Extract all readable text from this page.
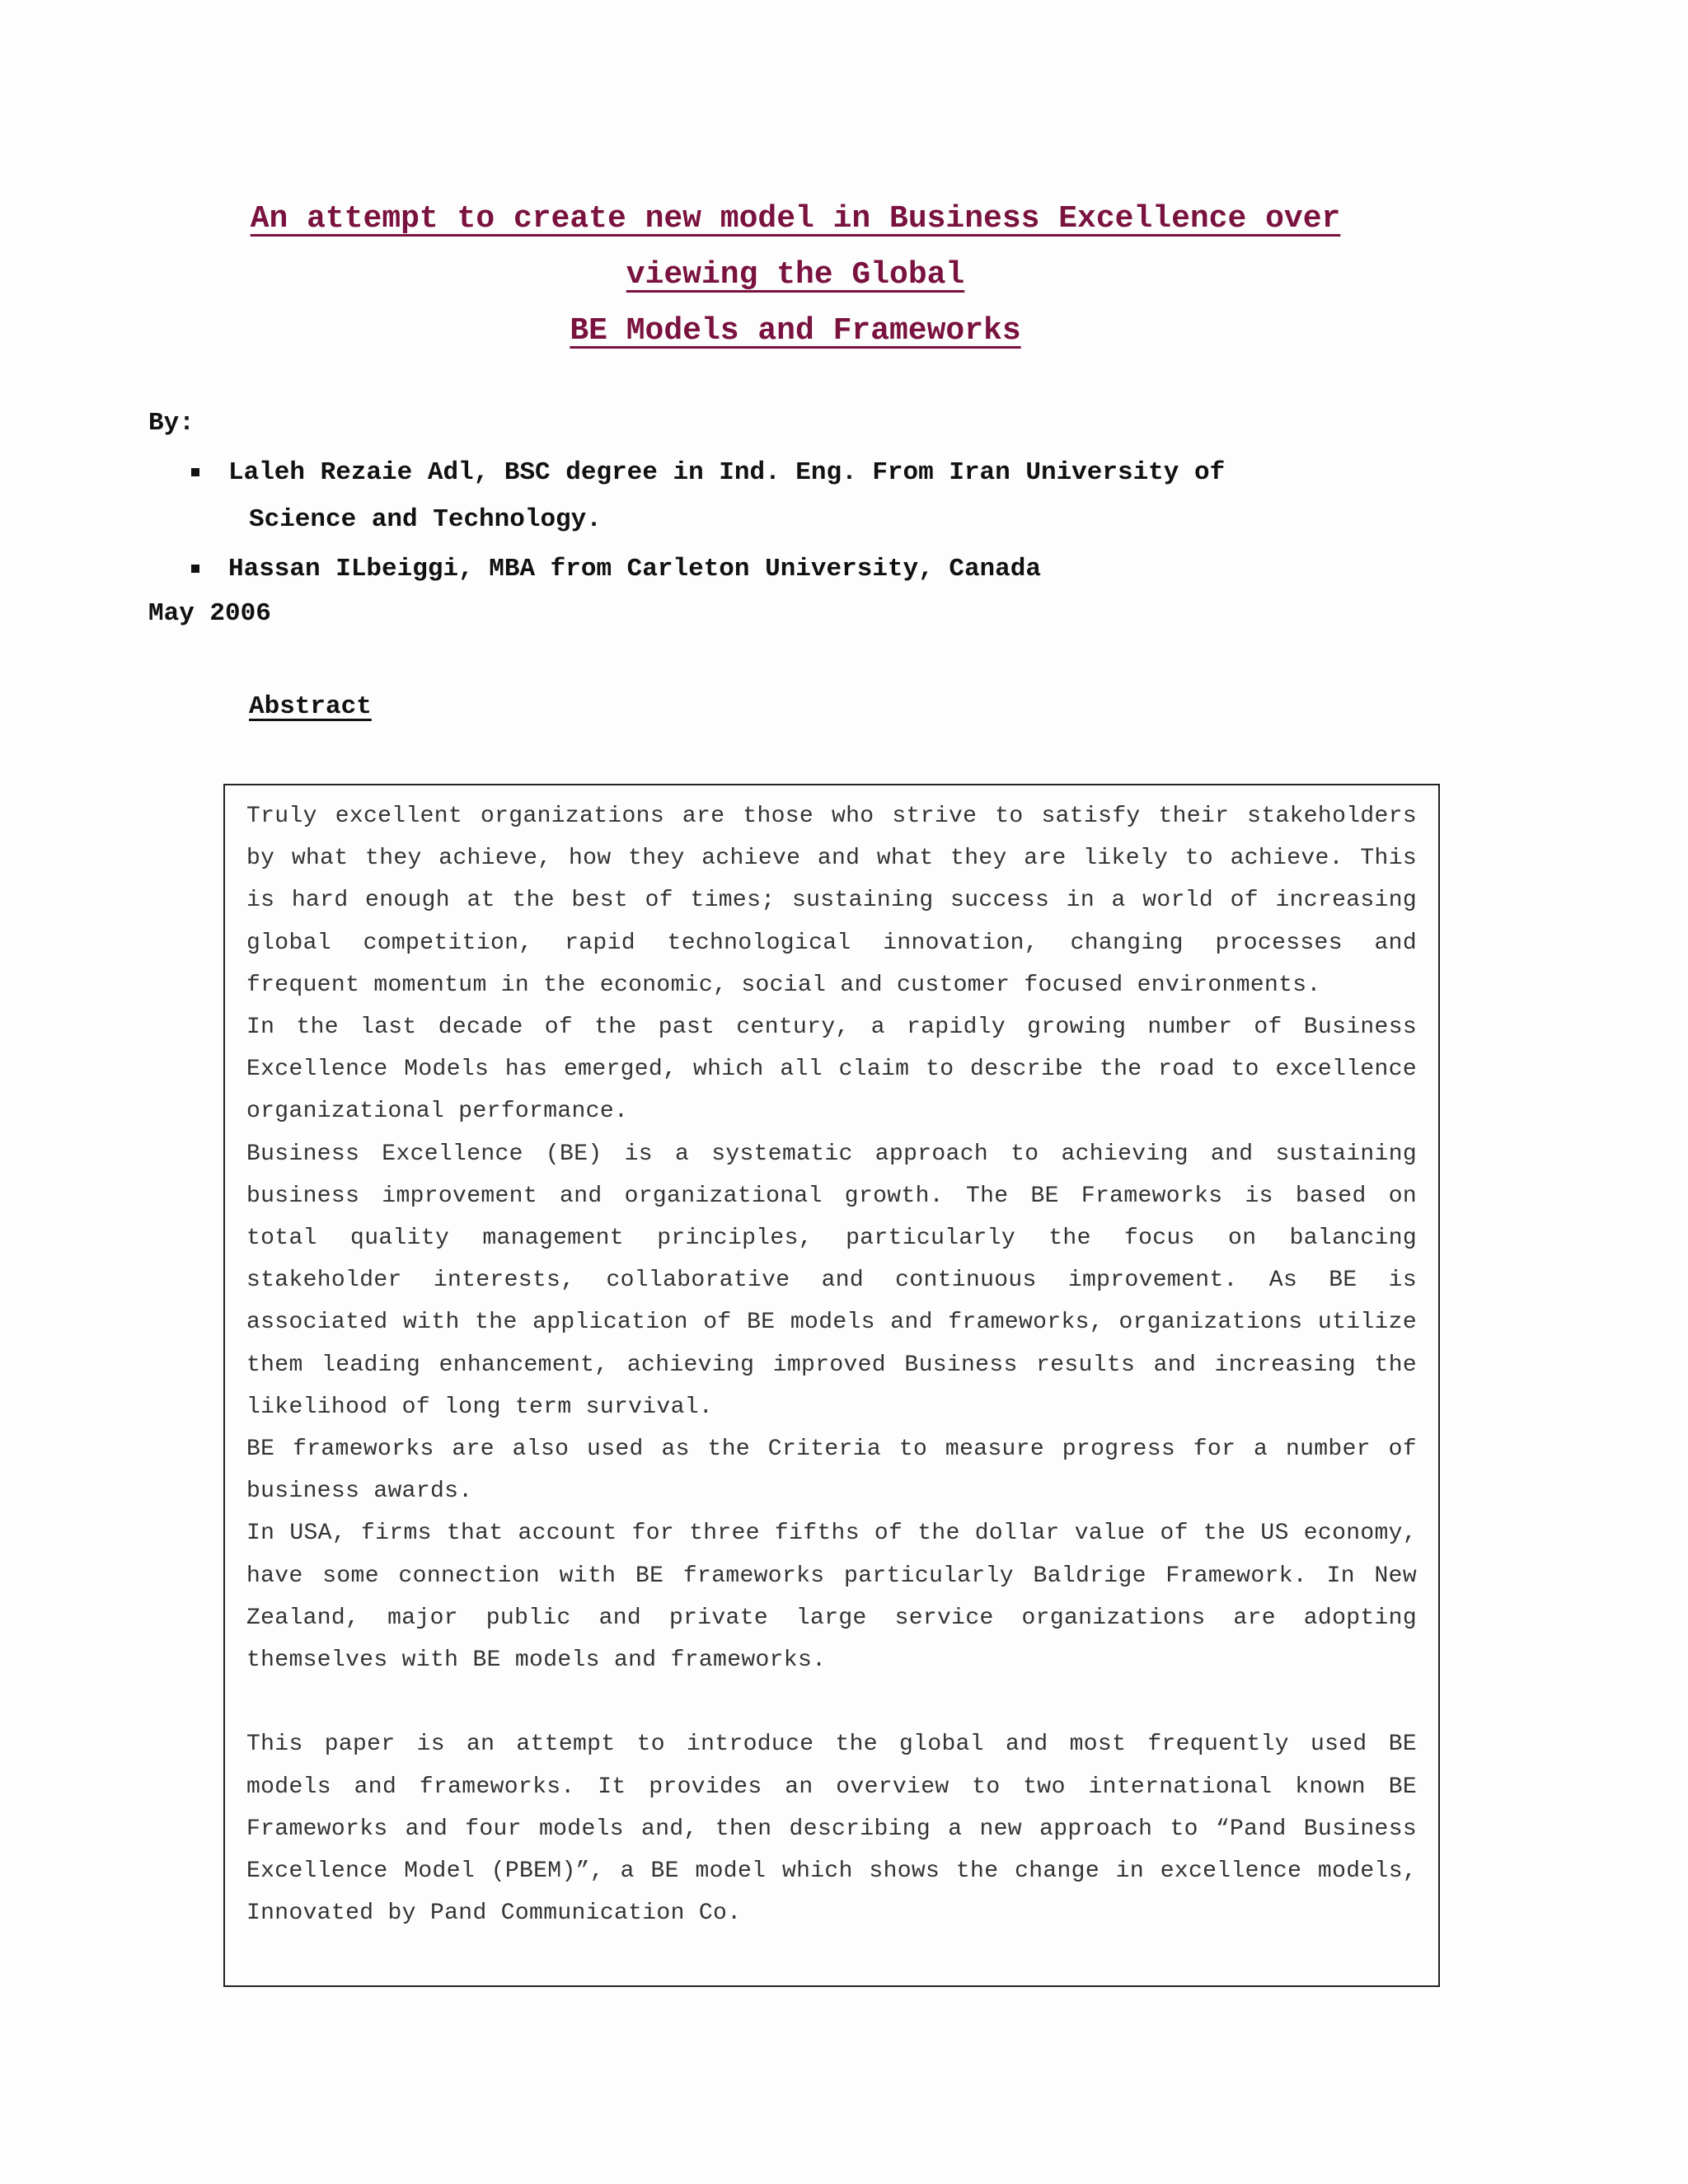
An attempt to create new model in Business Excellence over
viewing the Global
BE Models and Frameworks
By:
Laleh Rezaie Adl, BSC degree in Ind. Eng. From Iran University of
Science and Technology.
Hassan ILbeiggi, MBA from Carleton University, Canada
May 2006
Abstract

Truly excellent organizations are those who strive to satisfy their stakeholders by what they achieve, how they achieve and what they are likely to achieve. This is hard enough at the best of times; sustaining success in a world of increasing global competition, rapid technological innovation, changing processes and frequent momentum in the economic, social and customer focused environments.

In the last decade of the past century, a rapidly growing number of Business Excellence Models has emerged, which all claim to describe the road to excellence organizational performance.

Business Excellence (BE) is a systematic approach to achieving and sustaining business improvement and organizational growth. The BE Frameworks is based on total quality management principles, particularly the focus on balancing stakeholder interests, collaborative and continuous improvement. As BE is associated with the application of BE models and frameworks, organizations utilize them leading enhancement, achieving improved Business results and increasing the likelihood of long term survival.

BE frameworks are also used as the Criteria to measure progress for a number of business awards.

In USA, firms that account for three fifths of the dollar value of the US economy, have some connection with BE frameworks particularly Baldrige Framework. In New Zealand, major public and private large service organizations are adopting themselves with BE models and frameworks.

This paper is an attempt to introduce the global and most frequently used BE models and frameworks. It provides an overview to two international known BE Frameworks and four models and, then describing a new approach to “Pand Business Excellence Model (PBEM)”, a BE model which shows the change in excellence models, Innovated by Pand Communication Co.
